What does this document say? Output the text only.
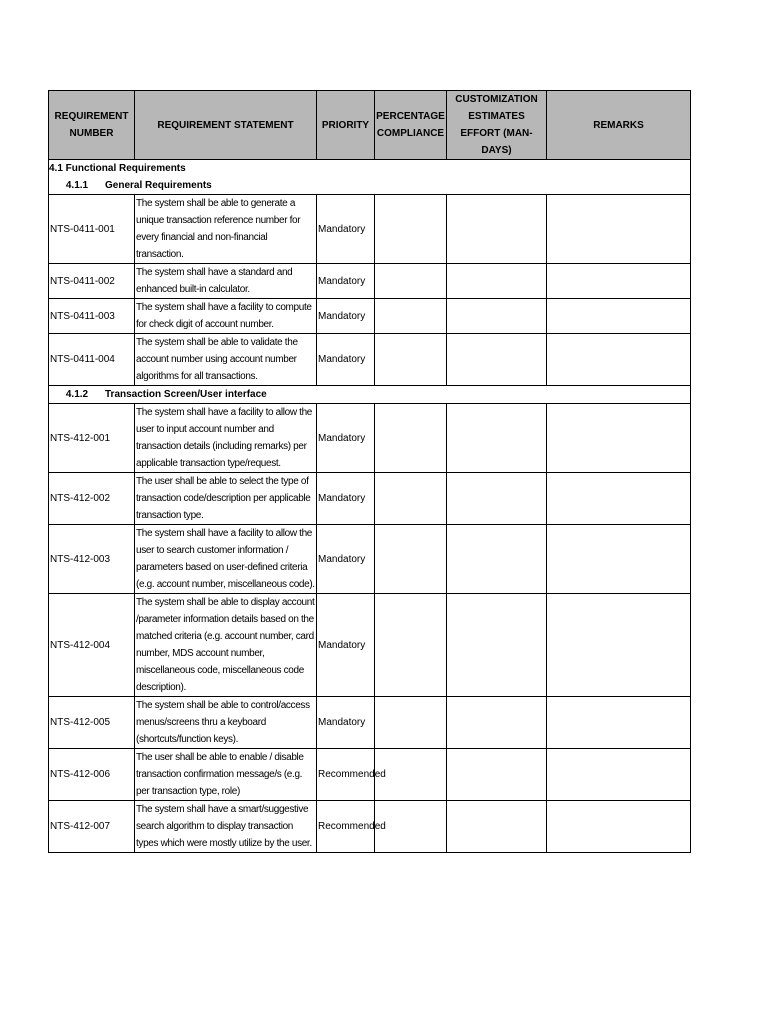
REQUIREMENT NUMBER	REQUIREMENT STATEMENT	PRIORITY	PERCENTAGE COMPLIANCE	CUSTOMIZATION ESTIMATES EFFORT (MAN-DAYS)	REMARKS
4.1 Functional Requirements					
4.1.1 General Requirements					
NTS-0411-001	The system shall be able to generate a unique transaction reference number for every financial and non-financial transaction.	Mandatory			
NTS-0411-002	The system shall have a standard and enhanced built-in calculator.	Mandatory			
NTS-0411-003	The system shall have a facility to compute for check digit of account number.	Mandatory			
NTS-0411-004	The system shall be able to validate the account number using account number algorithms for all transactions.	Mandatory			
4.1.2 Transaction Screen/User interface					
NTS-412-001	The system shall have a facility to allow the user to input account number and transaction details (including remarks) per applicable transaction type/request.	Mandatory			
NTS-412-002	The user shall be able to select the type of transaction code/description per applicable transaction type.	Mandatory			
NTS-412-003	The system shall have a facility to allow the user to search customer information / parameters based on user-defined criteria (e.g. account number, miscellaneous code).	Mandatory			
NTS-412-004	The system shall be able to display account /parameter information details based on the matched criteria (e.g. account number, card number, MDS account number, miscellaneous code, miscellaneous code description).	Mandatory			
NTS-412-005	The system shall be able to control/access menus/screens thru a keyboard (shortcuts/function keys).	Mandatory			
NTS-412-006	The user shall be able to enable / disable transaction confirmation message/s (e.g. per transaction type, role)	Recommended			
NTS-412-007	The system shall have a smart/suggestive search algorithm to display transaction types which were mostly utilize by the user.	Recommended			
